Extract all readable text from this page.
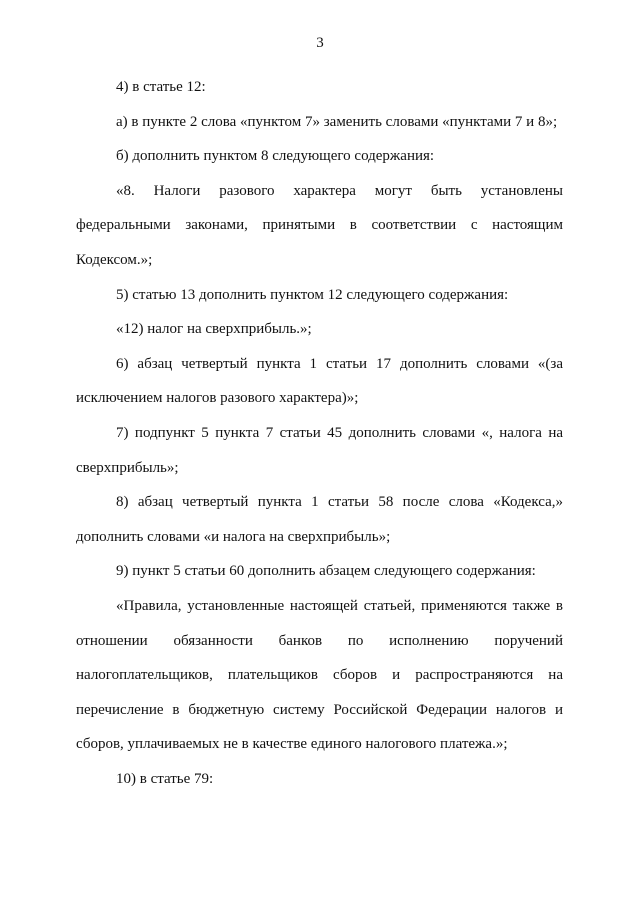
3

4) в статье 12:

а) в пункте 2 слова «пунктом 7» заменить словами «пунктами 7 и 8»;

б) дополнить пунктом 8 следующего содержания:

«8. Налоги разового характера могут быть установлены федеральными законами, принятыми в соответствии с настоящим Кодексом.»;

5) статью 13 дополнить пунктом 12 следующего содержания:

«12) налог на сверхприбыль.»;

6) абзац четвертый пункта 1 статьи 17 дополнить словами «(за исключением налогов разового характера)»;

7) подпункт 5 пункта 7 статьи 45 дополнить словами «, налога на сверхприбыль»;

8) абзац четвертый пункта 1 статьи 58 после слова «Кодекса,» дополнить словами «и налога на сверхприбыль»;

9) пункт 5 статьи 60 дополнить абзацем следующего содержания:

«Правила, установленные настоящей статьей, применяются также в отношении обязанности банков по исполнению поручений налогоплательщиков, плательщиков сборов и распространяются на перечисление в бюджетную систему Российской Федерации налогов и сборов, уплачиваемых не в качестве единого налогового платежа.»;

10) в статье 79:
